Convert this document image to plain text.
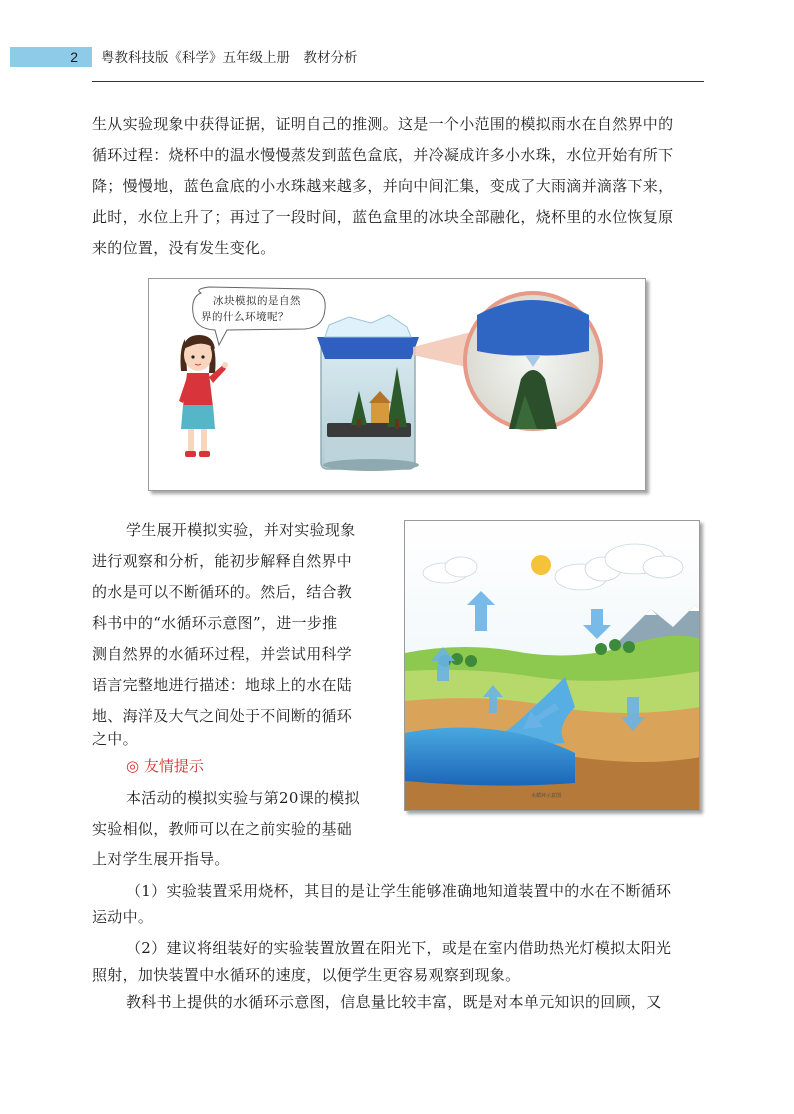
2	粤教科技版《科学》五年级上册　教材分析
生从实验现象中获得证据，证明自己的推测。这是一个小范围的模拟雨水在自然界中的
循环过程：烧杯中的温水慢慢蒸发到蓝色盒底，并冷凝成许多小水珠，水位开始有所下
降；慢慢地，蓝色盒底的小水珠越来越多，并向中间汇集，变成了大雨滴并滴落下来，
此时，水位上升了；再过了一段时间，蓝色盒里的冰块全部融化，烧杯里的水位恢复原
来的位置，没有发生变化。
冰块模拟的是自然
界的什么环境呢？
学生展开模拟实验，并对实验现象
进行观察和分析，能初步解释自然界中
的水是可以不断循环的。然后，结合教
科书中的“水循环示意图”，进一步推
测自然界的水循环过程，并尝试用科学
语言完整地进行描述：地球上的水在陆
地、海洋及大气之间处于不间断的循环
之中。
◎ 友情提示
本活动的模拟实验与第20课的模拟
实验相似，教师可以在之前实验的基础
上对学生展开指导。
水循环示意图
（1）实验装置采用烧杯，其目的是让学生能够准确地知道装置中的水在不断循环
运动中。
（2）建议将组装好的实验装置放置在阳光下，或是在室内借助热光灯模拟太阳光
照射，加快装置中水循环的速度，以便学生更容易观察到现象。
教科书上提供的水循环示意图，信息量比较丰富，既是对本单元知识的回顾，又
